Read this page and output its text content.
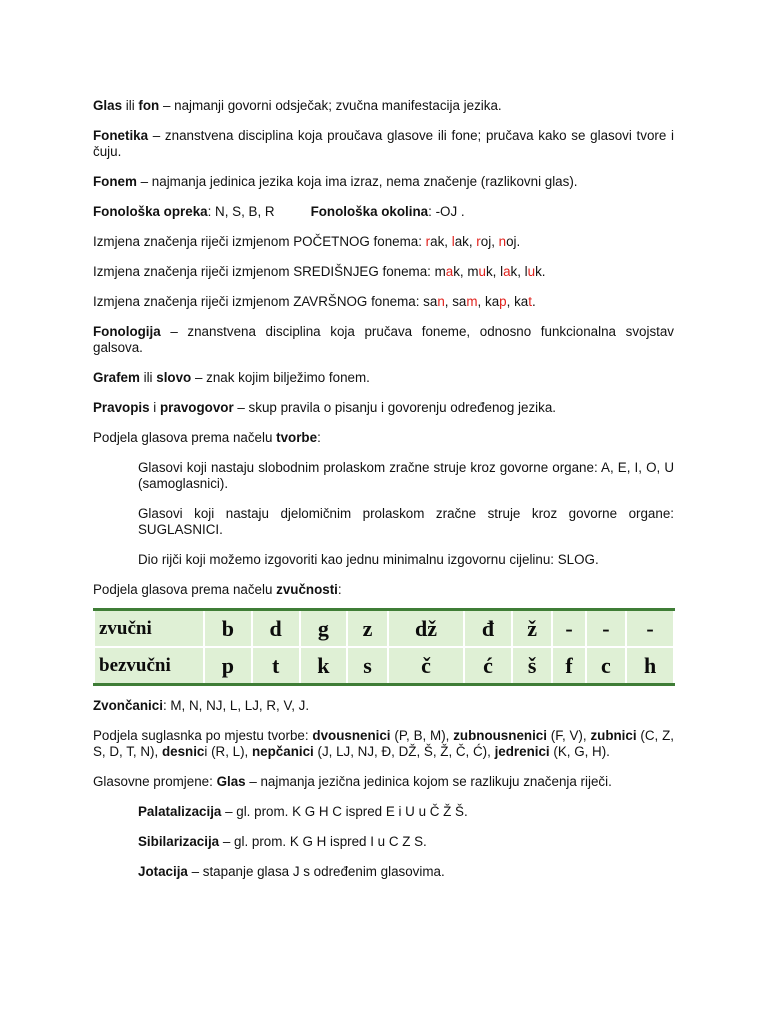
Glas ili fon – najmanji govorni odsječak; zvučna manifestacija jezika.

Fonetika – znanstvena disciplina koja proučava glasove ili fone; pručava kako se glasovi tvore i čuju.

Fonem – najmanja jedinica jezika koja ima izraz, nema značenje (razlikovni glas).

Fonološka opreka: N, S, B, R	Fonološka okolina: -OJ .

Izmjena značenja riječi izmjenom POČETNOG fonema: rak, lak, roj, noj.

Izmjena značenja riječi izmjenom SREDIŠNJEG fonema: mak, muk, lak, luk.

Izmjena značenja riječi izmjenom ZAVRŠNOG fonema: san, sam, kap, kat.

Fonologija – znanstvena disciplina koja pručava foneme, odnosno funkcionalna svojstav galsova.

Grafem ili slovo – znak kojim bilježimo fonem.

Pravopis i pravogovor – skup pravila o pisanju i govorenju određenog jezika.

Podjela glasova prema načelu tvorbe:

Glasovi koji nastaju slobodnim prolaskom zračne struje kroz govorne organe: A, E, I, O, U (samoglasnici).

Glasovi koji nastaju djelomičnim prolaskom zračne struje kroz govorne organe: SUGLASNICI.

Dio rijči koji možemo izgovoriti kao jednu minimalnu izgovornu cijelinu: SLOG.

Podjela glasova prema načelu zvučnosti:

zvučni	b	d	g	z	dž	đ	ž	-	-	-
bezvučni	p	t	k	s	č	ć	š	f	c	h

Zvončanici: M, N, NJ, L, LJ, R, V, J.

Podjela suglasnka po mjestu tvorbe: dvousnenici (P, B, M), zubnousnenici (F, V), zubnici (C, Z, S, D, T, N), desnici (R, L), nepčanici (J, LJ, NJ, Đ, DŽ, Š, Ž, Č, Ć), jedrenici (K, G, H).

Glasovne promjene: Glas – najmanja jezična jedinica kojom se razlikuju značenja riječi.

Palatalizacija – gl. prom. K G H C ispred E i U u Č Ž Š.

Sibilarizacija – gl. prom. K G H ispred I u C Z S.

Jotacija – stapanje glasa J s određenim glasovima.
